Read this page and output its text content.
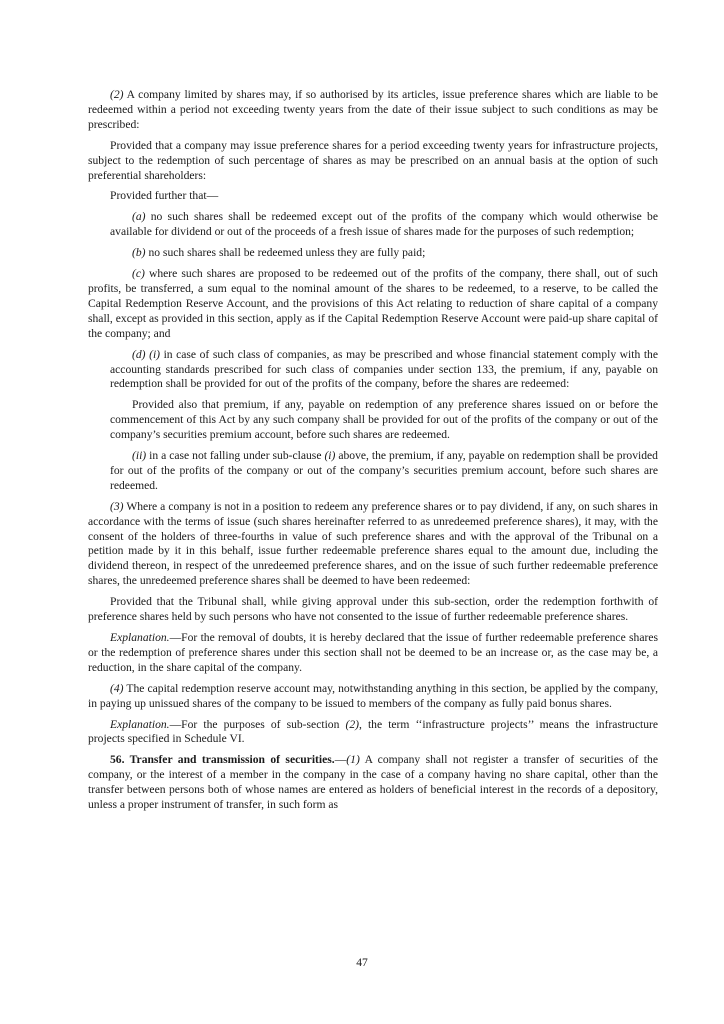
(2) A company limited by shares may, if so authorised by its articles, issue preference shares which are liable to be redeemed within a period not exceeding twenty years from the date of their issue subject to such conditions as may be prescribed:

Provided that a company may issue preference shares for a period exceeding twenty years for infrastructure projects, subject to the redemption of such percentage of shares as may be prescribed on an annual basis at the option of such preferential shareholders:

Provided further that—

(a) no such shares shall be redeemed except out of the profits of the company which would otherwise be available for dividend or out of the proceeds of a fresh issue of shares made for the purposes of such redemption;

(b) no such shares shall be redeemed unless they are fully paid;

(c) where such shares are proposed to be redeemed out of the profits of the company, there shall, out of such profits, be transferred, a sum equal to the nominal amount of the shares to be redeemed, to a reserve, to be called the Capital Redemption Reserve Account, and the provisions of this Act relating to reduction of share capital of a company shall, except as provided in this section, apply as if the Capital Redemption Reserve Account were paid-up share capital of the company; and

(d) (i) in case of such class of companies, as may be prescribed and whose financial statement comply with the accounting standards prescribed for such class of companies under section 133, the premium, if any, payable on redemption shall be provided for out of the profits of the company, before the shares are redeemed:

Provided also that premium, if any, payable on redemption of any preference shares issued on or before the commencement of this Act by any such company shall be provided for out of the profits of the company or out of the company’s securities premium account, before such shares are redeemed.

(ii) in a case not falling under sub-clause (i) above, the premium, if any, payable on redemption shall be provided for out of the profits of the company or out of the company’s securities premium account, before such shares are redeemed.

(3) Where a company is not in a position to redeem any preference shares or to pay dividend, if any, on such shares in accordance with the terms of issue (such shares hereinafter referred to as unredeemed preference shares), it may, with the consent of the holders of three-fourths in value of such preference shares and with the approval of the Tribunal on a petition made by it in this behalf, issue further redeemable preference shares equal to the amount due, including the dividend thereon, in respect of the unredeemed preference shares, and on the issue of such further redeemable preference shares, the unredeemed preference shares shall be deemed to have been redeemed:

Provided that the Tribunal shall, while giving approval under this sub-section, order the redemption forthwith of preference shares held by such persons who have not consented to the issue of further redeemable preference shares.

Explanation.—For the removal of doubts, it is hereby declared that the issue of further redeemable preference shares or the redemption of preference shares under this section shall not be deemed to be an increase or, as the case may be, a reduction, in the share capital of the company.

(4) The capital redemption reserve account may, notwithstanding anything in this section, be applied by the company, in paying up unissued shares of the company to be issued to members of the company as fully paid bonus shares.

Explanation.—For the purposes of sub-section (2), the term ‘‘infrastructure projects’’ means the infrastructure projects specified in Schedule VI.

56. Transfer and transmission of securities.—(1) A company shall not register a transfer of securities of the company, or the interest of a member in the company in the case of a company having no share capital, other than the transfer between persons both of whose names are entered as holders of beneficial interest in the records of a depository, unless a proper instrument of transfer, in such form as

47
